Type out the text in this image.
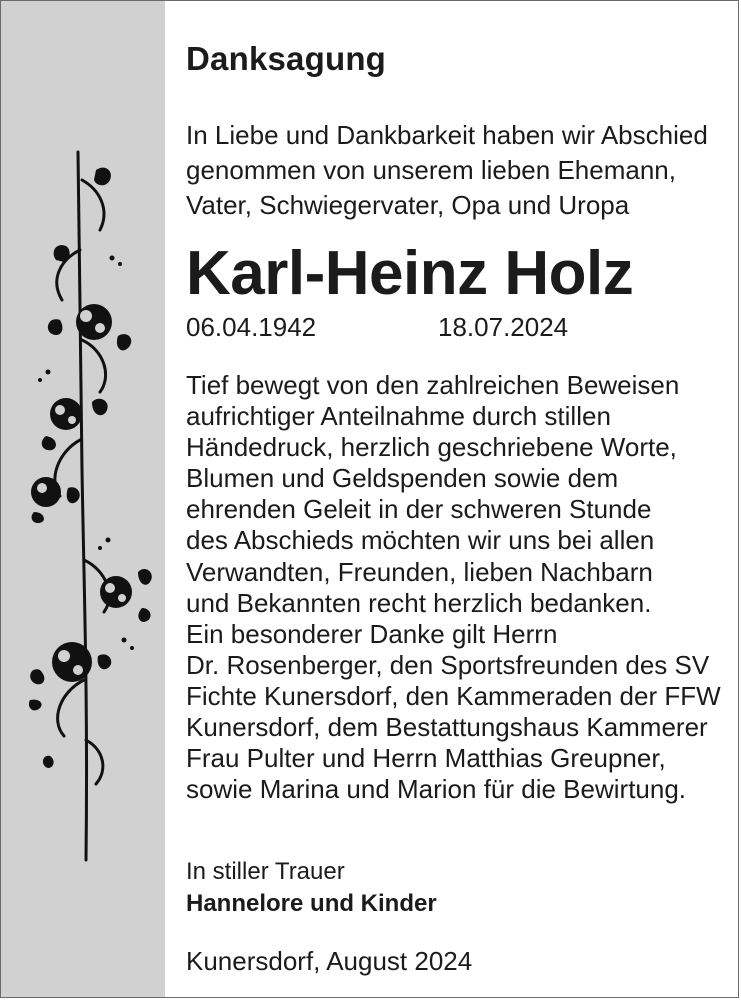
Danksagung
In Liebe und Dankbarkeit haben wir Abschied
genommen von unserem lieben Ehemann,
Vater, Schwiegervater, Opa und Uropa
Karl-Heinz Holz
06.04.1942	18.07.2024
Tief bewegt von den zahlreichen Beweisen
aufrichtiger Anteilnahme durch stillen
Händedruck, herzlich geschriebene Worte,
Blumen und Geldspenden sowie dem
ehrenden Geleit in der schweren Stunde
des Abschieds möchten wir uns bei allen
Verwandten, Freunden, lieben Nachbarn
und Bekannten recht herzlich bedanken.
Ein besonderer Danke gilt Herrn
Dr. Rosenberger, den Sportsfreunden des SV
Fichte Kunersdorf, den Kammeraden der FFW
Kunersdorf, dem Bestattungshaus Kammerer
Frau Pulter und Herrn Matthias Greupner,
sowie Marina und Marion für die Bewirtung.
In stiller Trauer
Hannelore und Kinder
Kunersdorf, August 2024
